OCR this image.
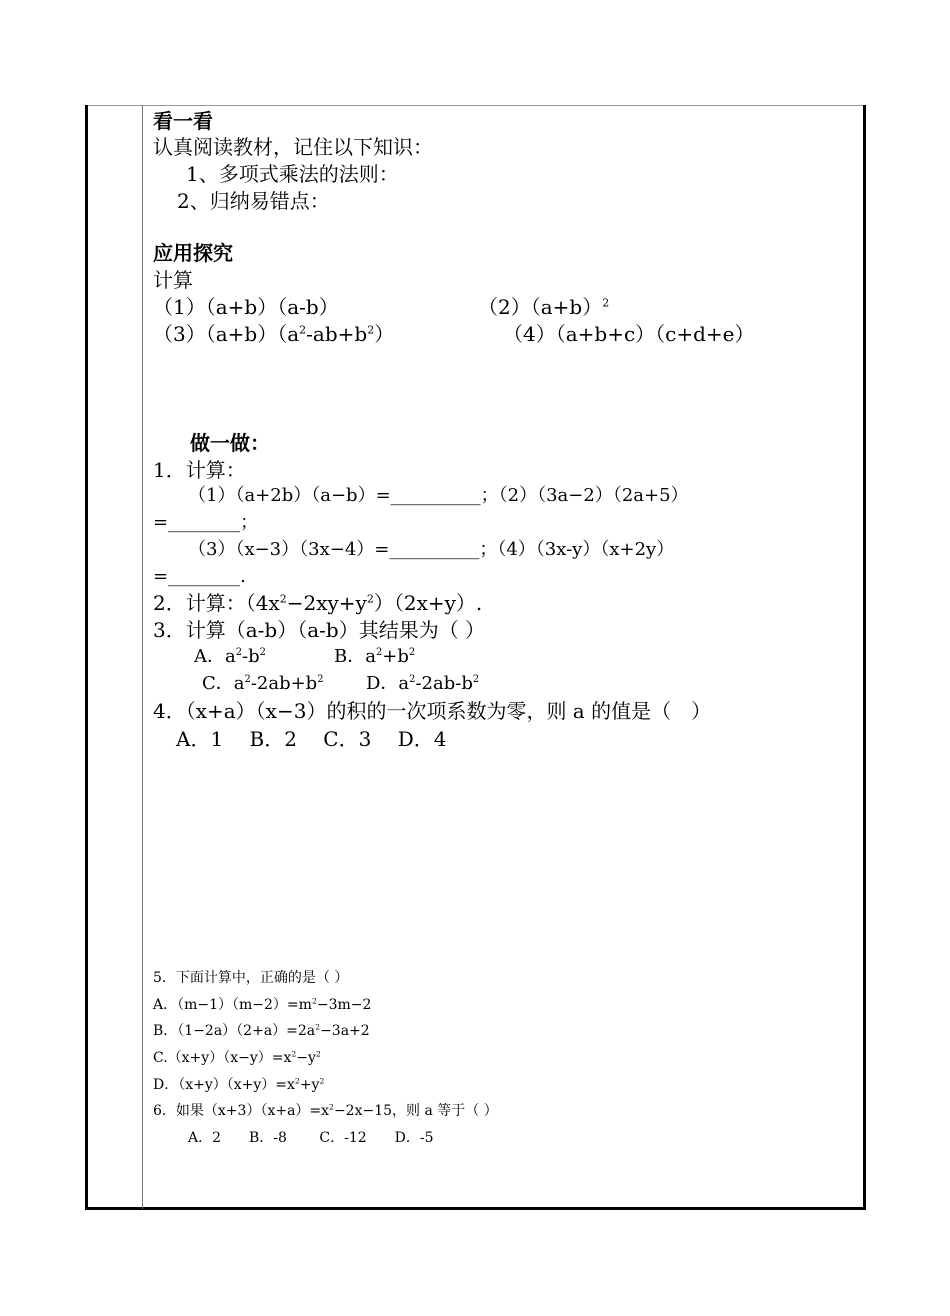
看一看

认真阅读教材，记住以下知识：

1、多项式乘法的法则：

2、归纳易错点：

应用探究

计算

（1）（a+b）（a-b）	$(2)(a+b)^2$

$(3)(a+b)(a^2-ab+b^2)$	（4）（a+b+c）（c+d+e）

做一做：

1．计算：

（1）（a+2b）（a−b）=__________；（2）（3a−2）（2a+5）

=________；

（3）（x−3）（3x−4）=__________；（4）（3x-y）（x+2y）

=________.

2．计算：$(4x^2-2xy+y^2)(2x+y)$.

3．计算（a-b）（a-b）其结果为（ ）

A．$a^2-b^2$	B．$a^2+b^2$

C．$a^2-2ab+b^2$ D．$a^2-2ab-b^2$

4．（x+a）（x−3）的积的一次项系数为零，则 a 的值是（　）

A．1　 B．2　 C．3　 D．4

5．下面计算中，正确的是（ ）

A．$(m-1)(m-2)=m^2-3m-2$

B．$(1-2a)(2+a)=2a^2-3a+2$

$C.(x+y)(x-y)=x^2-y^2$

D．$(x+y)(x+y)=x^2+y^2$

6．如果$(x+3)(x+a)=x^2-2x-15$，则 a 等于（ ）

A．2　　B．-8　　 C．-12　　D．-5
